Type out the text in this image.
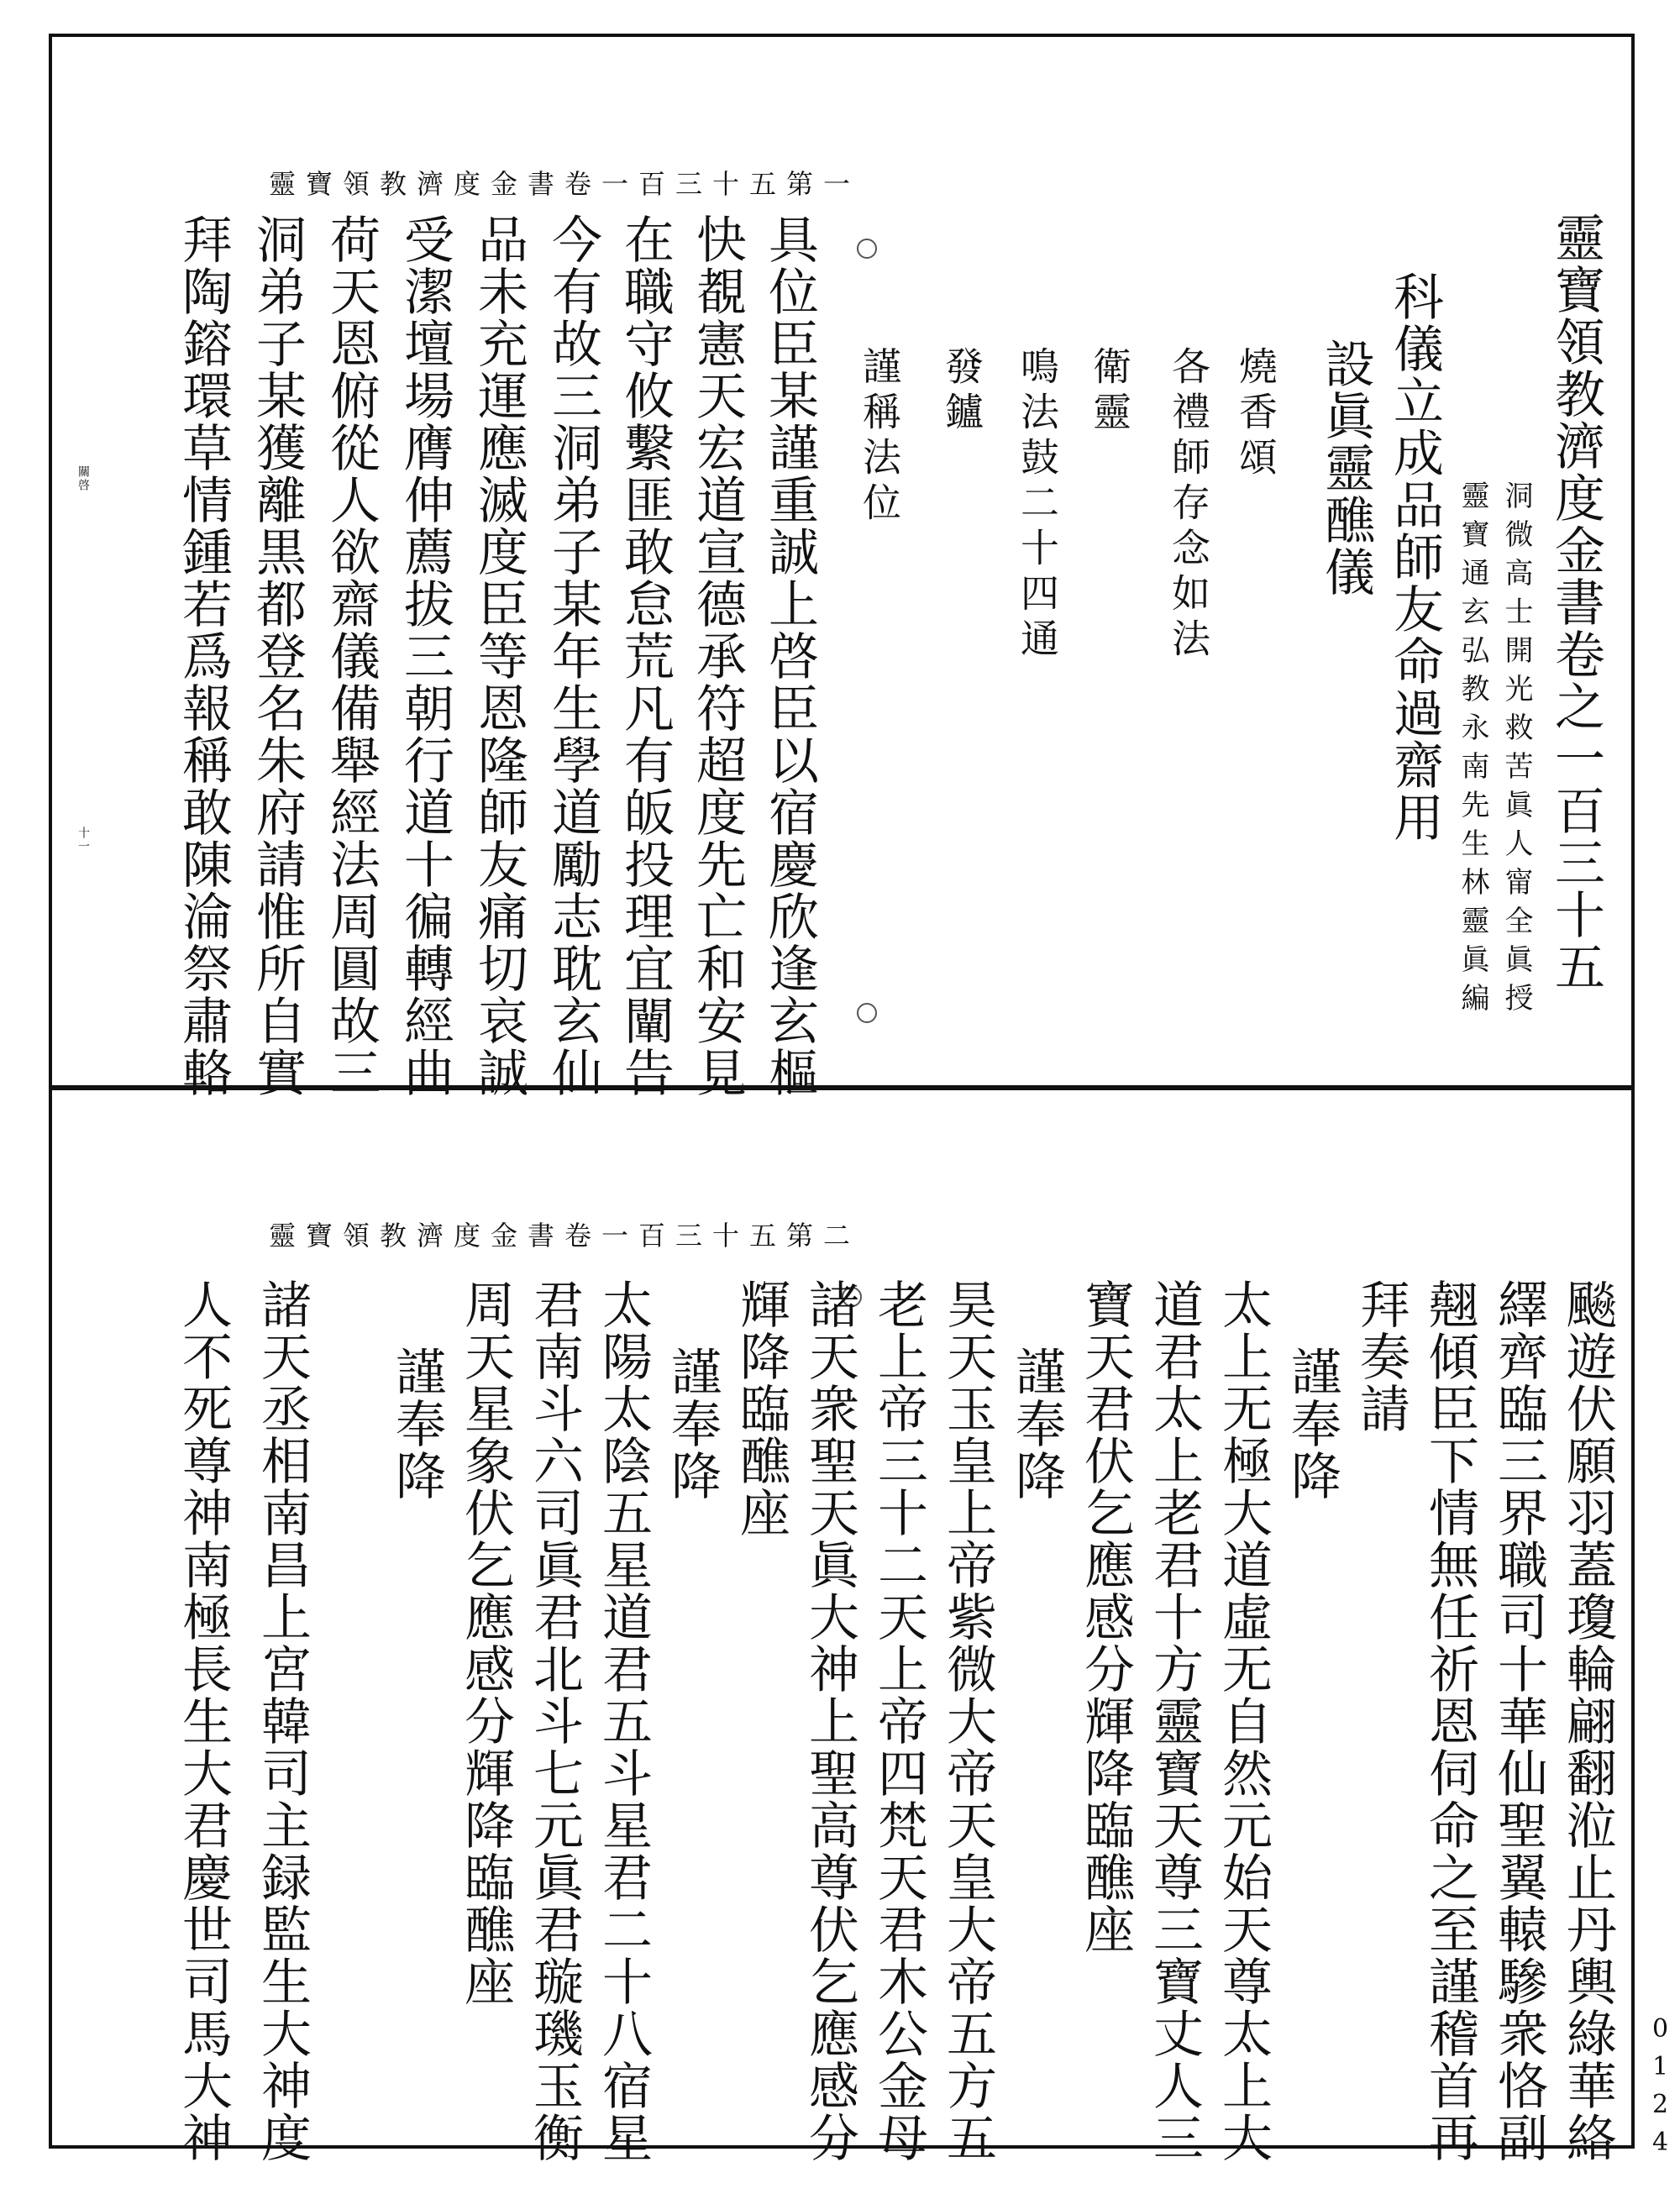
靈寶領教濟度金書卷一百三十五第一
靈寶領教濟度金書卷之一百三十五
洞微高士開光救苦眞人甯全眞授
靈寶通玄弘教永南先生林靈眞編
科儀立成品師友命過齋用
設眞靈醮儀
燒香頌
各禮師存念如法
衛靈
鳴法鼓二十四通
發鑪
謹稱法位
具位臣某謹重誠上啓臣以宿慶欣逢玄樞
快覩憲天宏道宣德承符超度先亡和安見
在職守攸繫匪敢怠荒凡有皈投理宜闡告
今有故三洞弟子某年生學道勵志耽玄仙
品未充運應滅度臣等恩隆師友痛切哀誠
受潔壇場膺伸薦拔三朝行道十徧轉經曲
荷天恩俯從人欲齋儀備舉經法周圓故三
洞弟子某獲離黒都登名朱府請惟所自實
拜陶鎔環草情鍾若爲報稱敢陳淪祭肅輅
關啓
十一
靈寶領教濟度金書卷一百三十五第二
飈遊伏願羽蓋瓊輪翩翻涖止丹輿綠華絡
繹齊臨三界職司十華仙聖翼轅驂衆恪副
翹傾臣下情無任祈恩伺命之至謹稽首再
拜奏請
謹奉降
太上无極大道虛无自然元始天尊太上大
道君太上老君十方靈寶天尊三寶丈人三
寶天君伏乞應感分輝降臨醮座
謹奉降
昊天玉皇上帝紫微大帝天皇大帝五方五
老上帝三十二天上帝四梵天君木公金母
諸天衆聖天眞大神上聖高尊伏乞應感分
輝降臨醮座
謹奉降
太陽太陰五星道君五斗星君二十八宿星
君南斗六司眞君北斗七元眞君璇璣玉衡
周天星象伏乞應感分輝降臨醮座
謹奉降
諸天丞相南昌上宮韓司主録監生大神度
人不死尊神南極長生大君慶世司馬大神	0124
